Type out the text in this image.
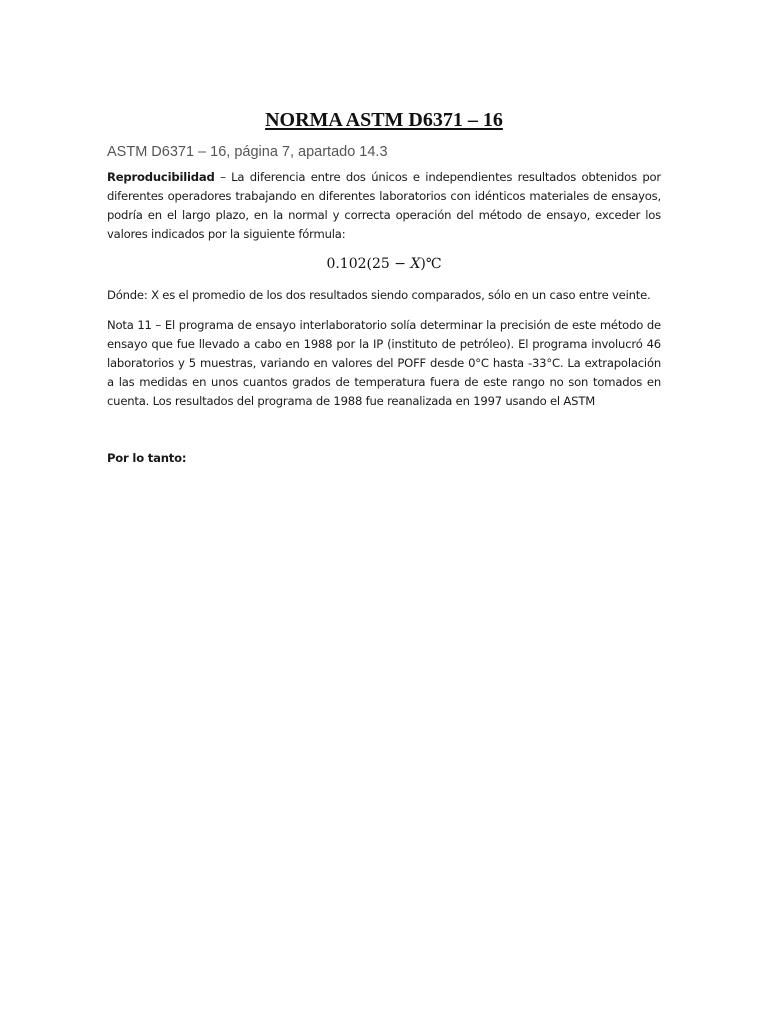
NORMA ASTM D6371 – 16

ASTM D6371 – 16, página 7, apartado 14.3

Reproducibilidad – La diferencia entre dos únicos e independientes resultados obtenidos por diferentes operadores trabajando en diferentes laboratorios con idénticos materiales de ensayos, podría en el largo plazo, en la normal y correcta operación del método de ensayo, exceder los valores indicados por la siguiente fórmula:

0.102(25 − X)℃

Dónde: X es el promedio de los dos resultados siendo comparados, sólo en un caso entre veinte.

Nota 11 – El programa de ensayo interlaboratorio solía determinar la precisión de este método de ensayo que fue llevado a cabo en 1988 por la IP (instituto de petróleo). El programa involucró 46 laboratorios y 5 muestras, variando en valores del POFF desde 0°C hasta -33°C. La extrapolación a las medidas en unos cuantos grados de temperatura fuera de este rango no son tomados en cuenta. Los resultados del programa de 1988 fue reanalizada en 1997 usando el ASTM

Por lo tanto:
